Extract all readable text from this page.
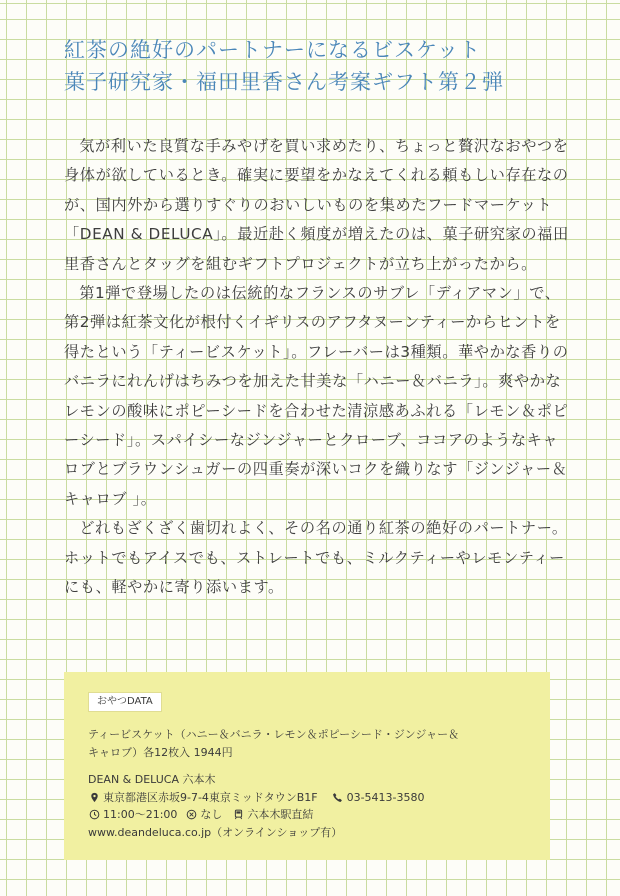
紅茶の絶好のパートナーになるビスケット
菓子研究家・福田里香さん考案ギフト第２弾

気が利いた良質な手みやげを買い求めたり、ちょっと贅沢なおやつを身体が欲しているとき。確実に要望をかなえてくれる頼もしい存在なのが、国内外から選りすぐりのおいしいものを集めたフードマーケット「DEAN & DELUCA」。最近赴く頻度が増えたのは、菓子研究家の福田里香さんとタッグを組むギフトプロジェクトが立ち上がったから。

第1弾で登場したのは伝統的なフランスのサブレ「ディアマン」で、第2弾は紅茶文化が根付くイギリスのアフタヌーンティーからヒントを得たという「ティービスケット」。フレーバーは3種類。華やかな香りのバニラにれんげはちみつを加えた甘美な「ハニー＆バニラ」。爽やかなレモンの酸味にポピーシードを合わせた清涼感あふれる「レモン＆ポピーシード」。スパイシーなジンジャーとクローブ、ココアのようなキャロブとブラウンシュガーの四重奏が深いコクを織りなす「ジンジャー＆キャロブ 」。

どれもざくざく歯切れよく、その名の通り紅茶の絶好のパートナー。ホットでもアイスでも、ストレートでも、ミルクティーやレモンティーにも、軽やかに寄り添います。

おやつDATA
ティービスケット（ハニー＆バニラ・レモン＆ポピーシード・ジンジャー＆
キャロブ）各12枚入 1944円
DEAN & DELUCA 六本木
東京都港区赤坂9-7-4東京ミッドタウンB1F	03-5413-3580
11:00〜21:00 なし 六本木駅直結
www.deandeluca.co.jp（オンラインショップ有）
